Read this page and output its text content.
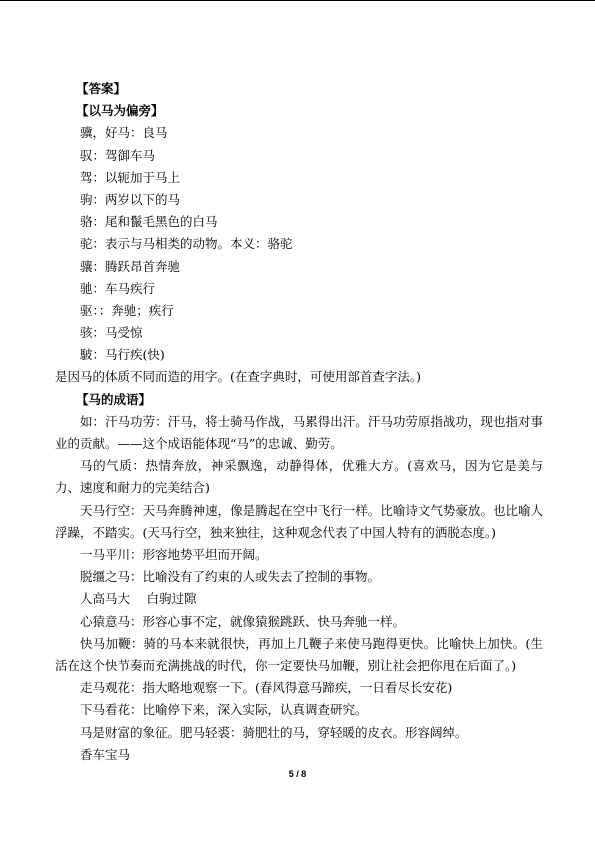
【答案】
【以马为偏旁】
骥，好马：良马
驭：驾御车马
驾：以轭加于马上
驹：两岁以下的马
骆：尾和鬣毛黑色的白马
驼：表示与马相类的动物。本义：骆驼
骧：腾跃昂首奔驰
驰：车马疾行
驱：：奔驰；疾行
骇：马受惊
駊：马行疾(快)
是因马的体质不同而造的用字。(在查字典时，可使用部首查字法。)
【马的成语】
如：汗马功劳：汗马，将士骑马作战，马累得出汗。汗马功劳原指战功，现也指对事业的贡献。——这个成语能体现“马”的忠诚、勤劳。
马的气质：热情奔放，神采飘逸，动静得体，优雅大方。(喜欢马，因为它是美与力、速度和耐力的完美结合)
天马行空：天马奔腾神速，像是腾起在空中飞行一样。比喻诗文气势豪放。也比喻人浮躁，不踏实。(天马行空，独来独往，这种观念代表了中国人特有的洒脱态度。)
一马平川：形容地势平坦而开阔。
脱缰之马：比喻没有了约束的人或失去了控制的事物。
人高马大　 白驹过隙
心猿意马：形容心事不定，就像猿猴跳跃、快马奔驰一样。
快马加鞭：骑的马本来就很快，再加上几鞭子来使马跑得更快。比喻快上加快。(生活在这个快节奏而充满挑战的时代，你一定要快马加鞭，别让社会把你甩在后面了。)
走马观花：指大略地观察一下。(春风得意马蹄疾，一日看尽长安花)
下马看花：比喻停下来，深入实际，认真调查研究。
马是财富的象征。肥马轻裘：骑肥壮的马，穿轻暖的皮衣。形容阔绰。
香车宝马
5 / 8
